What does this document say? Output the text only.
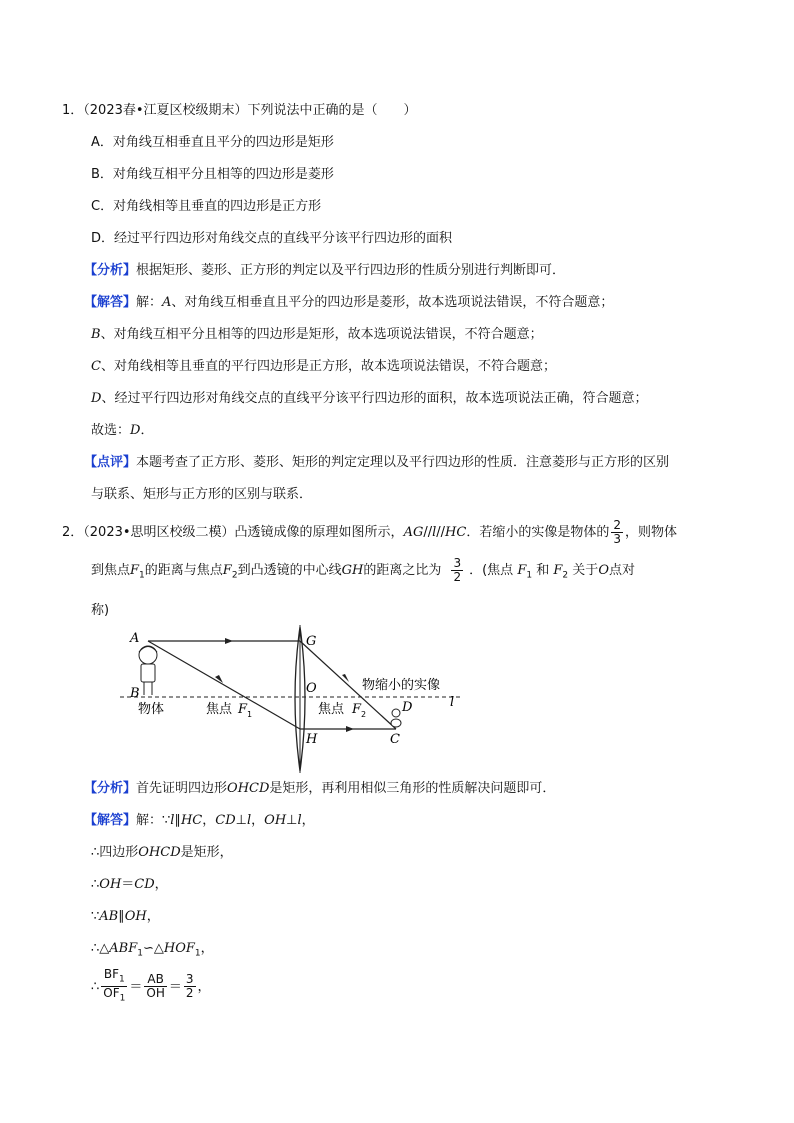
1．（2023春•江夏区校级期末）下列说法中正确的是（　　）
A．对角线互相垂直且平分的四边形是矩形
B．对角线互相平分且相等的四边形是菱形
C．对角线相等且垂直的四边形是正方形
D．经过平行四边形对角线交点的直线平分该平行四边形的面积
【分析】根据矩形、菱形、正方形的判定以及平行四边形的性质分别进行判断即可．
【解答】解：A、对角线互相垂直且平分的四边形是菱形，故本选项说法错误，不符合题意；
B、对角线互相平分且相等的四边形是矩形，故本选项说法错误，不符合题意；
C、对角线相等且垂直的平行四边形是正方形，故本选项说法错误，不符合题意；
D、经过平行四边形对角线交点的直线平分该平行四边形的面积，故本选项说法正确，符合题意；
故选：D．
【点评】本题考查了正方形、菱形、矩形的判定定理以及平行四边形的性质．注意菱形与正方形的区别
与联系、矩形与正方形的区别与联系．
2．（2023•思明区校级二模）凸透镜成像的原理如图所示，AG//l//HC．若缩小的实像是物体的 $\frac{2}{3}$ ，则物体
到焦点$F_1$的距离与焦点$F_2$到凸透镜的中心线GH的距离之比为 $\frac{3}{2}$ ．(焦点 $F_1$ 和 $F_2$ 关于O点对
称)
A
B
G
O
H	C
D	l
物体	焦点 F 1	焦点 F 2
物缩小的实像
【分析】首先证明四边形OHCD是矩形，再利用相似三角形的性质解决问题即可．
【解答】解：∵l∥HC，CD⊥l，OH⊥l，
∴四边形OHCD是矩形，
∴OH＝CD，
∵AB∥OH，
$\therefore\triangle ABF_1∽\triangle HOF_1$，
∴ $\frac{BF_1}{OF_1} = \frac{AB}{OH} = \frac{3}{2}$ ，
